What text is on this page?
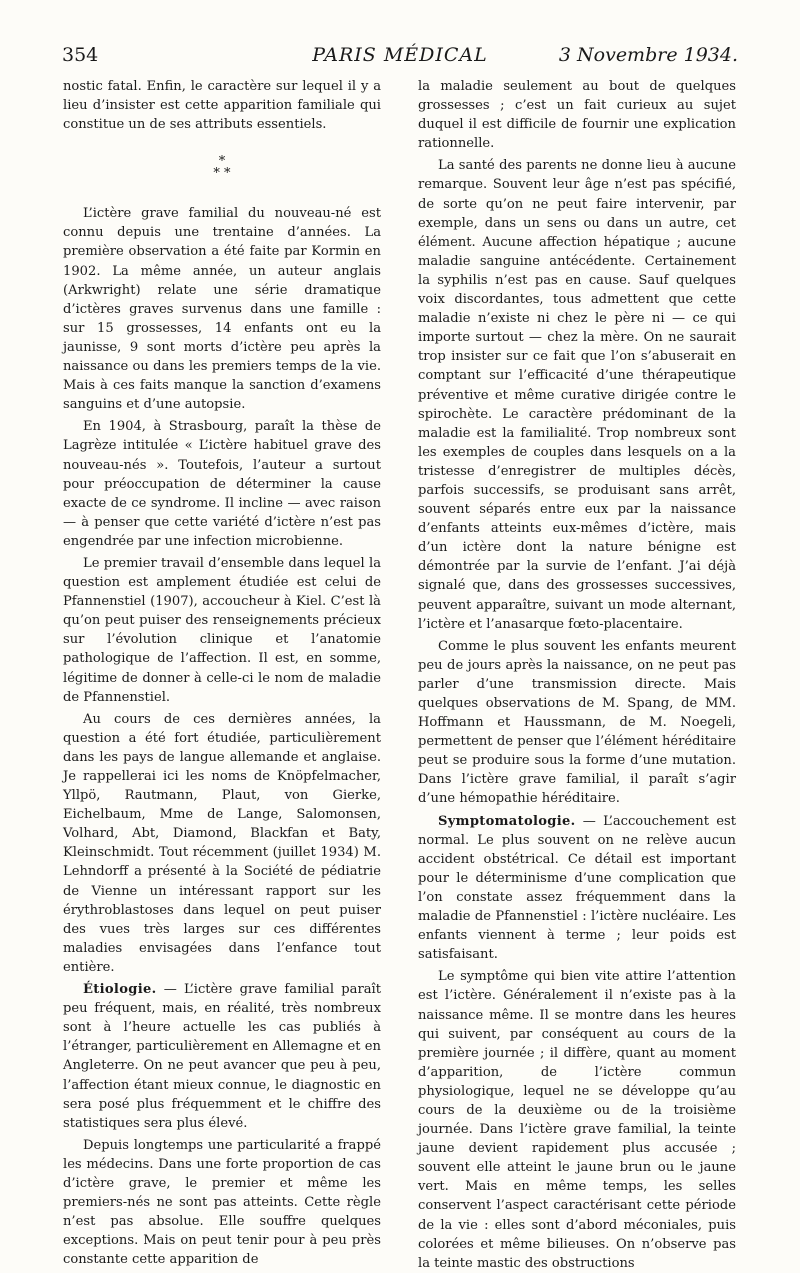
354	PARIS MÉDICAL	3 Novembre 1934.

nostic fatal. Enfin, le caractère sur lequel il y a lieu d’insister est cette apparition familiale qui constitue un de ses attributs essentiels.

*
* *

L’ictère grave familial du nouveau-né est connu depuis une trentaine d’années. La première observation a été faite par Kormin en 1902. La même année, un auteur anglais (Arkwright) relate une série dramatique d’ictères graves survenus dans une famille : sur 15 grossesses, 14 enfants ont eu la jaunisse, 9 sont morts d’ictère peu après la naissance ou dans les premiers temps de la vie. Mais à ces faits manque la sanction d’examens sanguins et d’une autopsie.

En 1904, à Strasbourg, paraît la thèse de Lagrèze intitulée « L’ictère habituel grave des nouveau-nés ». Toutefois, l’auteur a surtout pour préoccupation de déterminer la cause exacte de ce syndrome. Il incline — avec raison — à penser que cette variété d’ictère n’est pas engendrée par une infection microbienne.

Le premier travail d’ensemble dans lequel la question est amplement étudiée est celui de Pfannenstiel (1907), accoucheur à Kiel. C’est là qu’on peut puiser des renseignements précieux sur l’évolution clinique et l’anatomie pathologique de l’affection. Il est, en somme, légitime de donner à celle-ci le nom de maladie de Pfannenstiel.

Au cours de ces dernières années, la question a été fort étudiée, particulièrement dans les pays de langue allemande et anglaise. Je rappellerai ici les noms de Knöpfelmacher, Yllpö, Rautmann, Plaut, von Gierke, Eichelbaum, Mme de Lange, Salomonsen, Volhard, Abt, Diamond, Blackfan et Baty, Kleinschmidt. Tout récemment (juillet 1934) M. Lehndorff a présenté à la Société de pédiatrie de Vienne un intéressant rapport sur les érythroblastoses dans lequel on peut puiser des vues très larges sur ces différentes maladies envisagées dans l’enfance tout entière.

Étiologie. — L’ictère grave familial paraît peu fréquent, mais, en réalité, très nombreux sont à l’heure actuelle les cas publiés à l’étranger, particulièrement en Allemagne et en Angleterre. On ne peut avancer que peu à peu, l’affection étant mieux connue, le diagnostic en sera posé plus fréquemment et le chiffre des statistiques sera plus élevé.

Depuis longtemps une particularité a frappé les médecins. Dans une forte proportion de cas d’ictère grave, le premier et même les premiers-nés ne sont pas atteints. Cette règle n’est pas absolue. Elle souffre quelques exceptions. Mais on peut tenir pour à peu près constante cette apparition de

la maladie seulement au bout de quelques grossesses ; c’est un fait curieux au sujet duquel il est difficile de fournir une explication rationnelle.

La santé des parents ne donne lieu à aucune remarque. Souvent leur âge n’est pas spécifié, de sorte qu’on ne peut faire intervenir, par exemple, dans un sens ou dans un autre, cet élément. Aucune affection hépatique ; aucune maladie sanguine antécédente. Certainement la syphilis n’est pas en cause. Sauf quelques voix discordantes, tous admettent que cette maladie n’existe ni chez le père ni — ce qui importe surtout — chez la mère. On ne saurait trop insister sur ce fait que l’on s’abuserait en comptant sur l’efficacité d’une thérapeutique préventive et même curative dirigée contre le spirochète. Le caractère prédominant de la maladie est la familialité. Trop nombreux sont les exemples de couples dans lesquels on a la tristesse d’enregistrer de multiples décès, parfois successifs, se produisant sans arrêt, souvent séparés entre eux par la naissance d’enfants atteints eux-mêmes d’ictère, mais d’un ictère dont la nature bénigne est démontrée par la survie de l’enfant. J’ai déjà signalé que, dans des grossesses successives, peuvent apparaître, suivant un mode alternant, l’ictère et l’anasarque fœto-placentaire.

Comme le plus souvent les enfants meurent peu de jours après la naissance, on ne peut pas parler d’une transmission directe. Mais quelques observations de M. Spang, de MM. Hoffmann et Haussmann, de M. Noegeli, permettent de penser que l’élément héréditaire peut se produire sous la forme d’une mutation. Dans l’ictère grave familial, il paraît s’agir d’une hémopathie héréditaire.

Symptomatologie. — L’accouchement est normal. Le plus souvent on ne relève aucun accident obstétrical. Ce détail est important pour le déterminisme d’une complication que l’on constate assez fréquemment dans la maladie de Pfannenstiel : l’ictère nucléaire. Les enfants viennent à terme ; leur poids est satisfaisant.

Le symptôme qui bien vite attire l’attention est l’ictère. Généralement il n’existe pas à la naissance même. Il se montre dans les heures qui suivent, par conséquent au cours de la première journée ; il diffère, quant au moment d’apparition, de l’ictère commun physiologique, lequel ne se développe qu’au cours de la deuxième ou de la troisième journée. Dans l’ictère grave familial, la teinte jaune devient rapidement plus accusée ; souvent elle atteint le jaune brun ou le jaune vert. Mais en même temps, les selles conservent l’aspect caractérisant cette période de la vie : elles sont d’abord méconiales, puis colorées et même bilieuses. On n’observe pas la teinte mastic des obstructions
